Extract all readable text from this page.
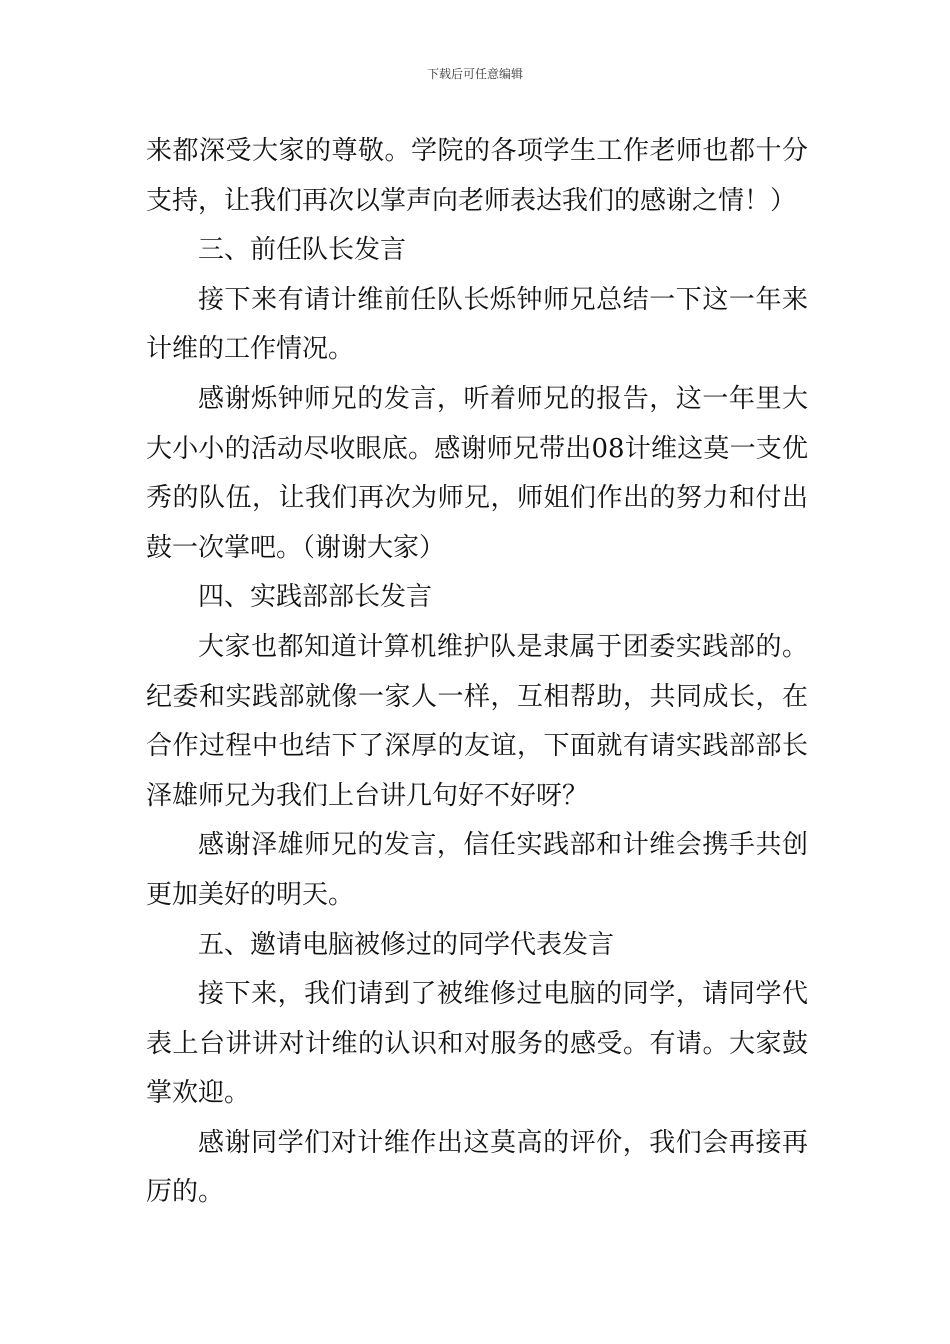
下载后可任意编辑

来都深受大家的尊敬。学院的各项学生工作老师也都十分支持，让我们再次以掌声向老师表达我们的感谢之情！）

三、前任队长发言

接下来有请计维前任队长烁钟师兄总结一下这一年来计维的工作情况。

感谢烁钟师兄的发言，听着师兄的报告，这一年里大大小小的活动尽收眼底。感谢师兄带出08计维这莫一支优秀的队伍，让我们再次为师兄，师姐们作出的努力和付出鼓一次掌吧。（谢谢大家）

四、实践部部长发言

大家也都知道计算机维护队是隶属于团委实践部的。纪委和实践部就像一家人一样，互相帮助，共同成长，在合作过程中也结下了深厚的友谊，下面就有请实践部部长泽雄师兄为我们上台讲几句好不好呀？

感谢泽雄师兄的发言，信任实践部和计维会携手共创更加美好的明天。

五、邀请电脑被修过的同学代表发言

接下来，我们请到了被维修过电脑的同学，请同学代表上台讲讲对计维的认识和对服务的感受。有请。大家鼓掌欢迎。

感谢同学们对计维作出这莫高的评价，我们会再接再厉的。
